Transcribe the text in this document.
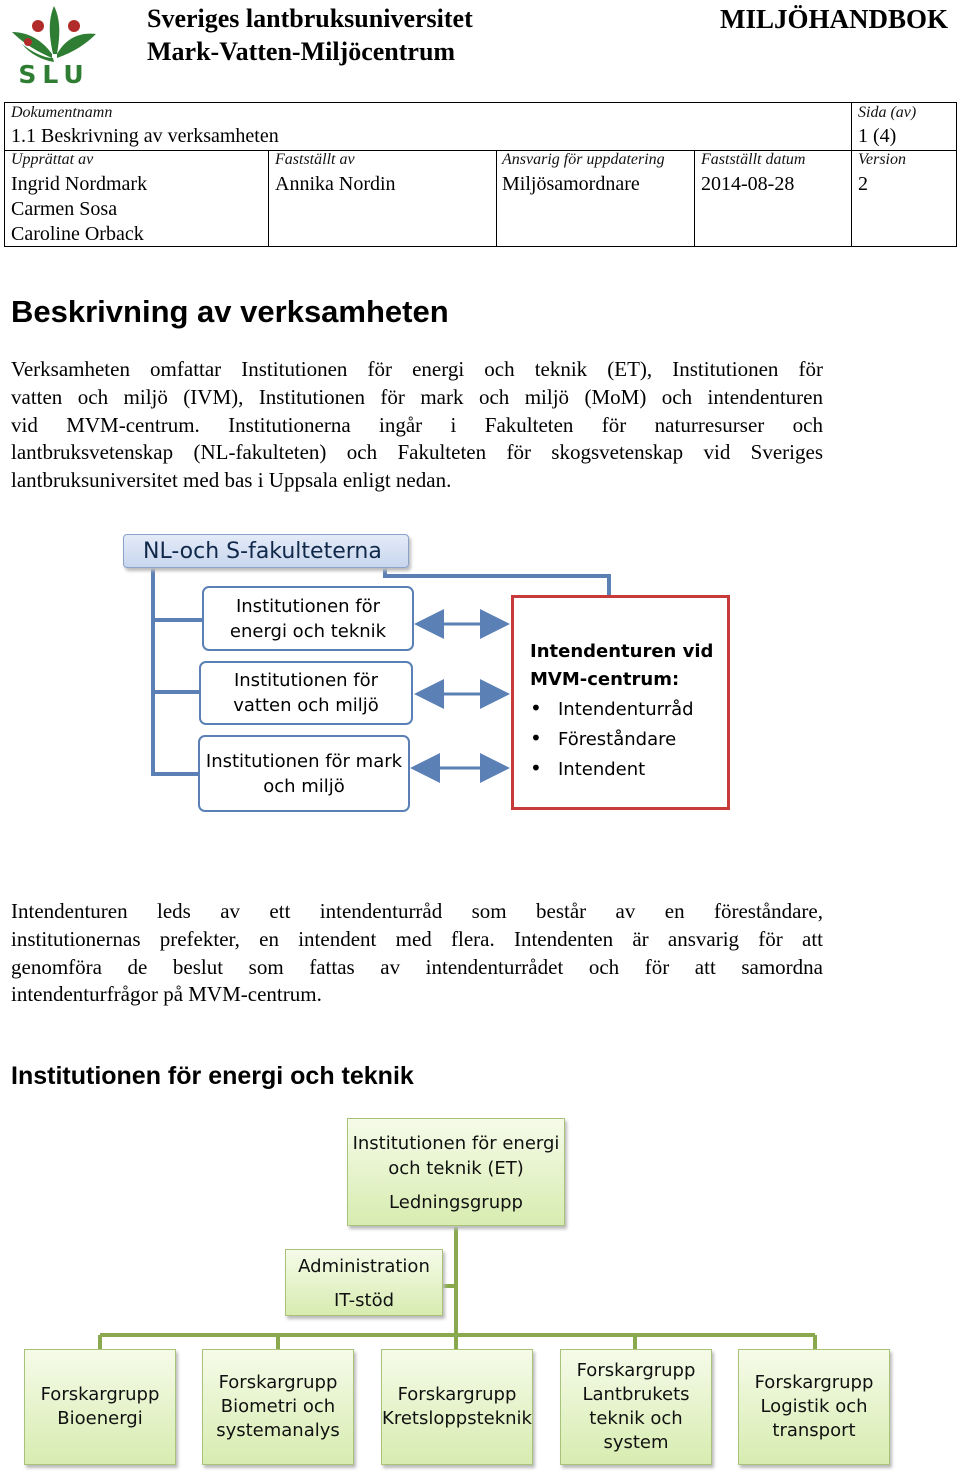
SLU
Sveriges lantbruksuniversitet
Mark-Vatten-Miljöcentrum
MILJÖHANDBOK
Dokumentnamn
1.1 Beskrivning av verksamheten
Sida (av)
1 (4)
Upprättat av
Ingrid Nordmark
Carmen Sosa
Caroline Orback
Fastställt av
Annika Nordin
Ansvarig för uppdatering
Miljösamordnare
Fastställt datum
2014-08-28
Version
2
Beskrivning av verksamheten
Verksamheten omfattar Institutionen för energi och teknik (ET), Institutionen för
vatten och miljö (IVM), Institutionen för mark och miljö (MoM) och intendenturen
vid MVM-centrum. Institutionerna ingår i Fakulteten för naturresurser och
lantbruksvetenskap (NL-fakulteten) och Fakulteten för skogsvetenskap vid Sveriges
lantbruksuniversitet med bas i Uppsala enligt nedan.
NL-och S-fakulteterna
Institutionen för
energi och teknik
Institutionen för
vatten och miljö
Institutionen för mark
och miljö
Intendenturen vid
MVM-centrum:
• Intendenturråd
• Föreståndare
• Intendent
Intendenturen leds av ett intendenturråd som består av en föreståndare,
institutionernas prefekter, en intendent med flera. Intendenten är ansvarig för att
genomföra de beslut som fattas av intendenturrådet och för att samordna
intendenturfrågor på MVM-centrum.
Institutionen för energi och teknik
Institutionen för energi
och teknik (ET)
Ledningsgrupp
Administration
IT-stöd
Forskargrupp
Bioenergi
Forskargrupp
Biometri och
systemanalys
Forskargrupp
Kretsloppsteknik
Forskargrupp
Lantbrukets
teknik och
system
Forskargrupp
Logistik och
transport
